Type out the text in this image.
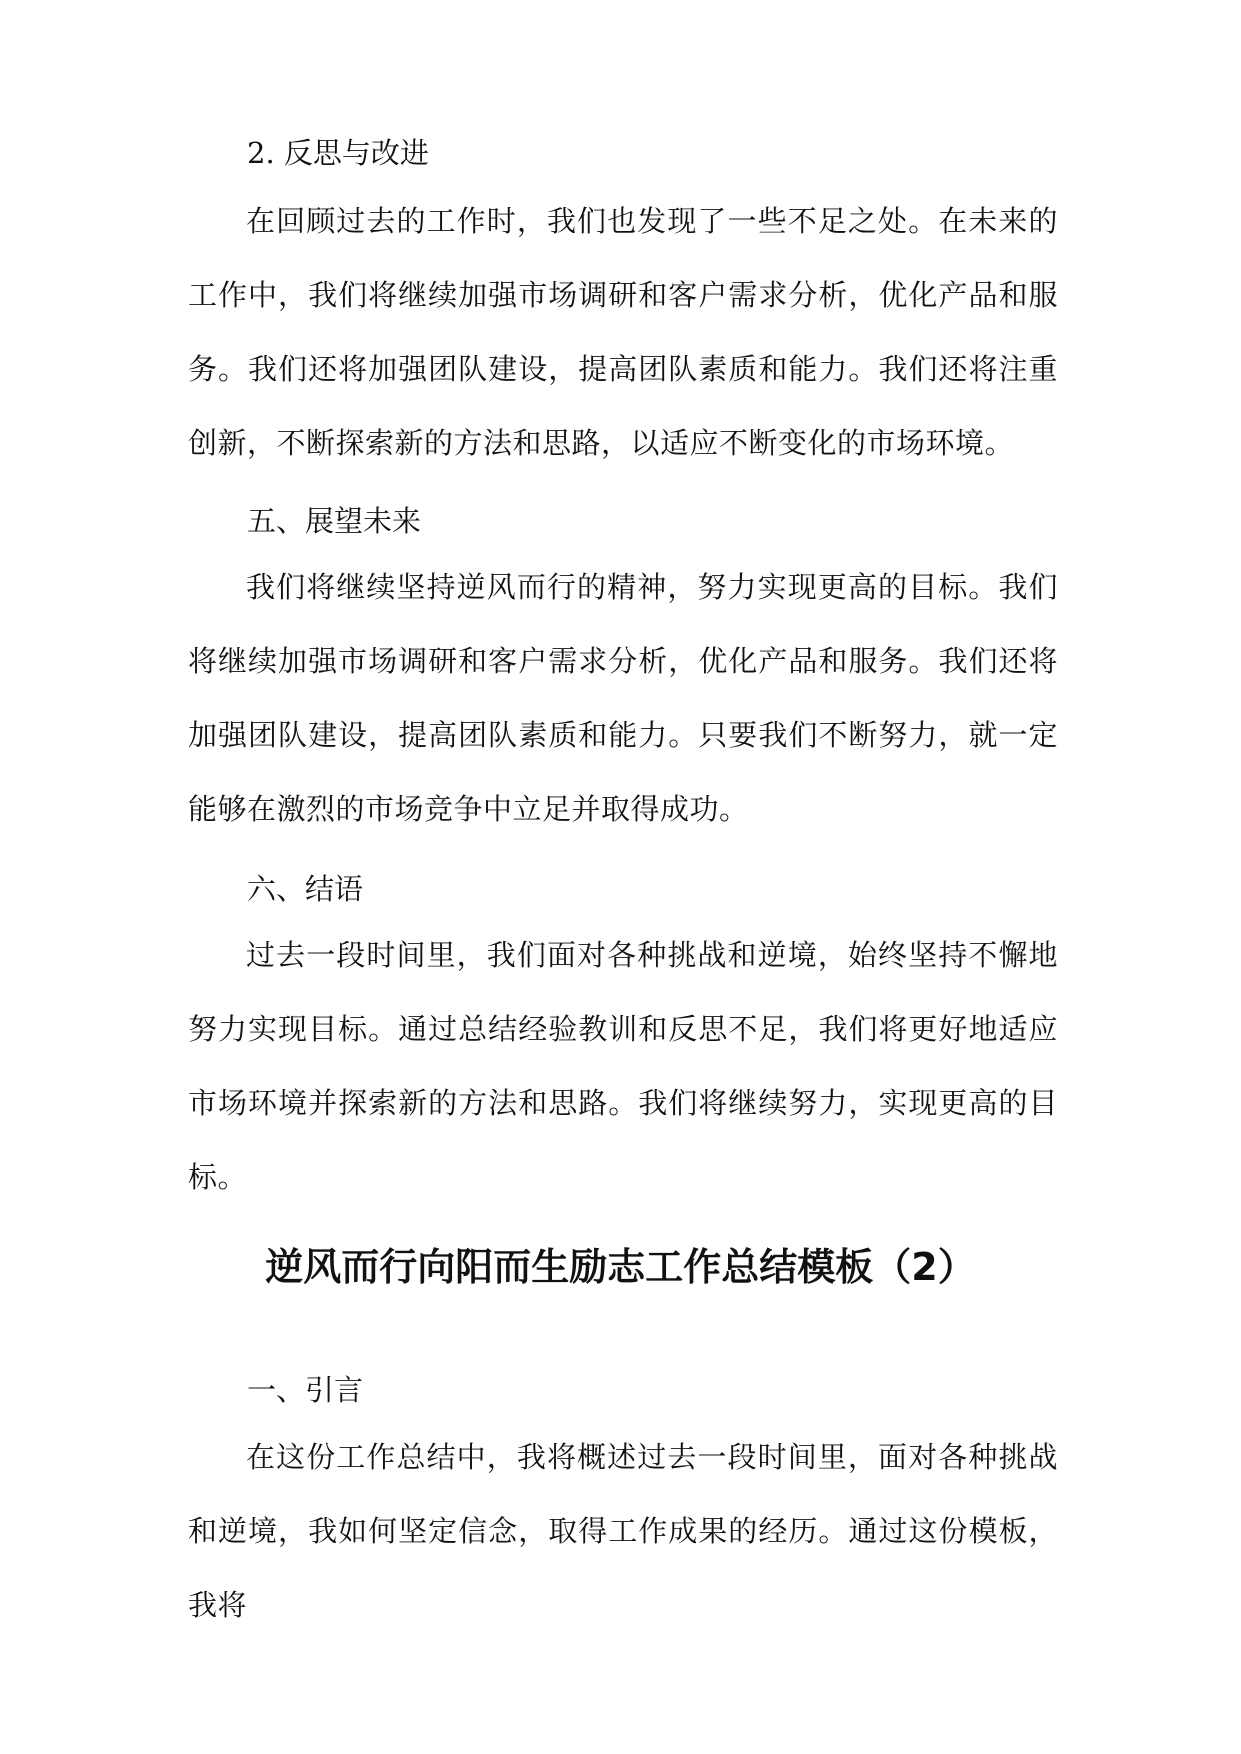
2. 反思与改进

在回顾过去的工作时，我们也发现了一些不足之处。在未来的工作中，我们将继续加强市场调研和客户需求分析，优化产品和服务。我们还将加强团队建设，提高团队素质和能力。我们还将注重创新，不断探索新的方法和思路，以适应不断变化的市场环境。

五、展望未来

我们将继续坚持逆风而行的精神，努力实现更高的目标。我们将继续加强市场调研和客户需求分析，优化产品和服务。我们还将加强团队建设，提高团队素质和能力。只要我们不断努力，就一定能够在激烈的市场竞争中立足并取得成功。

六、结语

过去一段时间里，我们面对各种挑战和逆境，始终坚持不懈地努力实现目标。通过总结经验教训和反思不足，我们将更好地适应市场环境并探索新的方法和思路。我们将继续努力，实现更高的目标。

逆风而行向阳而生励志工作总结模板（2）

一、引言

在这份工作总结中，我将概述过去一段时间里，面对各种挑战和逆境，我如何坚定信念，取得工作成果的经历。通过这份模板，我将
